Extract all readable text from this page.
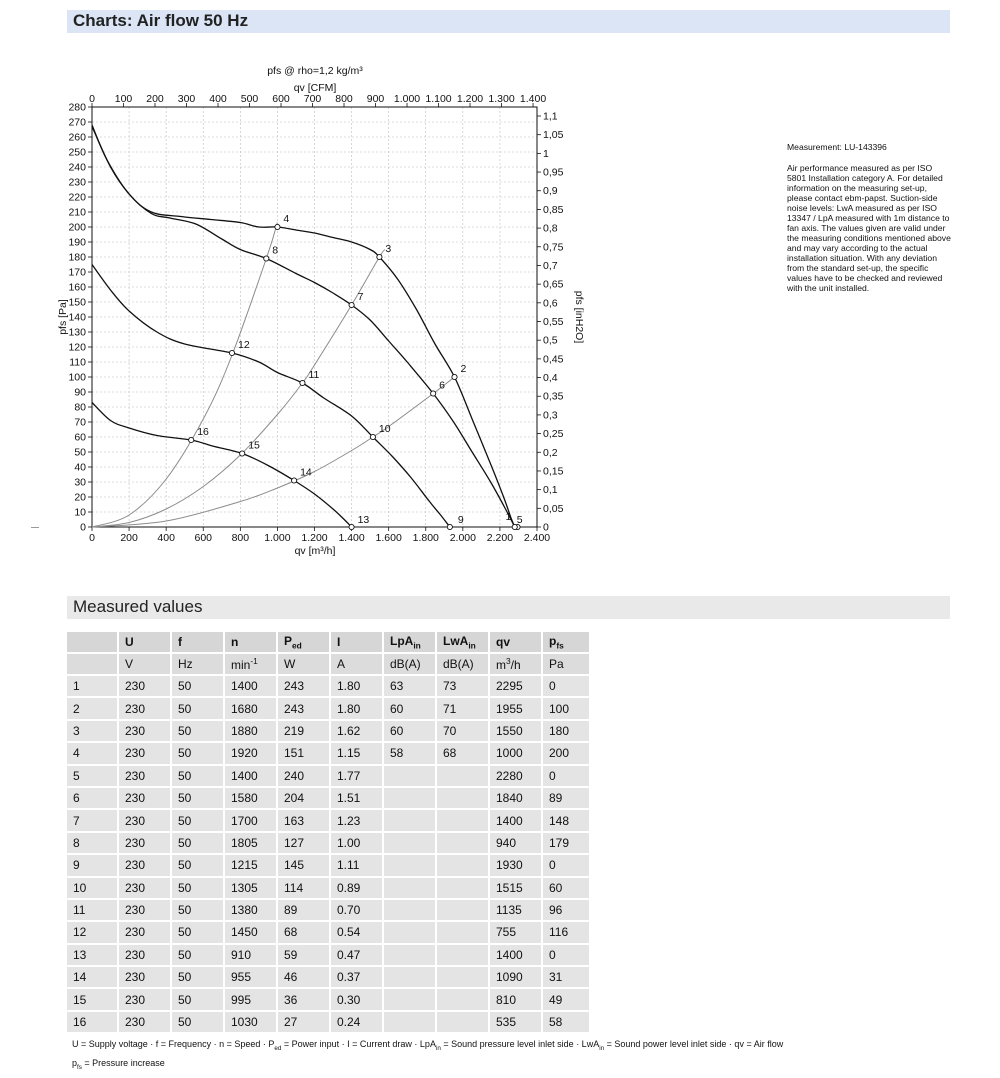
Charts: Air flow 50 Hz
pfs @ rho=1,2 kg/m³
qv [CFM]
qv [m³/h]
pfs [Pa]	pfs [inH2O]
0 200 400 600 800 1.000 1.200 1.400 1.600 1.800 2.000 2.200 2.400
0 100 200 300 400 500 600 700 800 900 1.000 1.100 1.200 1.300 1.400
0
10
20
30
40
50
60
70
80
90
100
110
120
130
140
150
160
170
180
190
200
210
220
230
240
250
260
270
280
0
0,05
0,1
0,15
0,2
0,25
0,3
0,35
0,4
0,45
0,5
0,55
0,6
0,65
0,7
0,75
0,8
0,85
0,9
0,95
1
1,05
1,1
1
2
3
4
5
6
7
8
9
10
11
12
13
14
15
16

Measurement: LU-143396

Air performance measured as per ISO 5801 Installation category A. For detailed information on the measuring set-up, please contact ebm-papst. Suction-side noise levels: LwA measured as per ISO 13347 / LpA measured with 1m distance to fan axis. The values given are valid under the measuring conditions mentioned above and may vary according to the actual installation situation. With any deviation from the standard set-up, the specific values have to be checked and reviewed with the unit installed.

Measured values
	U	f	n	$P_{ed}$	I	LpA$_{in}$	LwA$_{in}$	qv	$p_{fs}$
	V	Hz	$\min^{-1}$	W	A	dB(A)	dB(A)	$m^3/h$	Pa
1	230	50	1400	243	1.80	63	73	2295	0
2	230	50	1680	243	1.80	60	71	1955	100
3	230	50	1880	219	1.62	60	70	1550	180
4	230	50	1920	151	1.15	58	68	1000	200
5	230	50	1400	240	1.77			2280	0
6	230	50	1580	204	1.51			1840	89
7	230	50	1700	163	1.23			1400	148
8	230	50	1805	127	1.00			940	179
9	230	50	1215	145	1.11			1930	0
10	230	50	1305	114	0.89			1515	60
11	230	50	1380	89	0.70			1135	96
12	230	50	1450	68	0.54			755	116
13	230	50	910	59	0.47			1400	0
14	230	50	955	46	0.37			1090	31
15	230	50	995	36	0.30			810	49
16	230	50	1030	27	0.24			535	58
U = Supply voltage · f = Frequency · n = Speed · $P_{ed}$ = Power input · I = Current draw · LpA$_{in}$ = Sound pressure level inlet side · LwA$_{in}$ = Sound power level inlet side · qv = Air flow
$p_{fs}$ = Pressure increase
